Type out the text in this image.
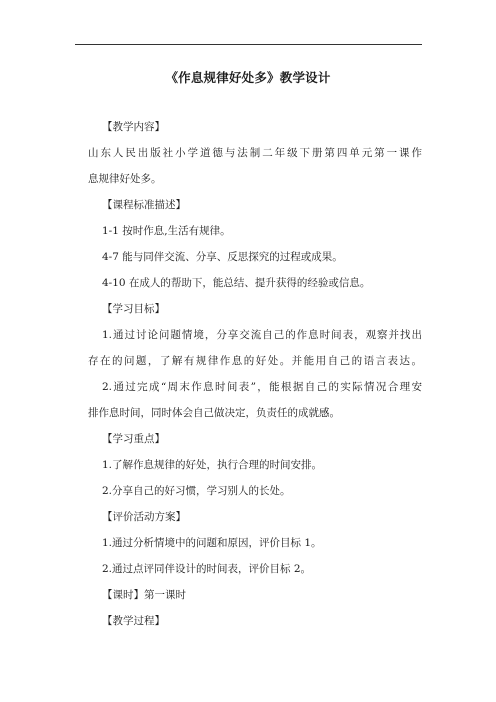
《作息规律好处多》教学设计
【教学内容】
山东人民出版社小学道德与法制二年级下册第四单元第一课作
息规律好处多。
【课程标准描述】
1-1 按时作息,生活有规律。
4-7 能与同伴交流、分享、反思探究的过程或成果。
4-10 在成人的帮助下，能总结、提升获得的经验或信息。
【学习目标】
1.通过讨论问题情境，分享交流自己的作息时间表，观察并找出
存在的问题，了解有规律作息的好处。并能用自己的语言表达。
2.通过完成“周末作息时间表”，能根据自己的实际情况合理安
排作息时间，同时体会自己做决定，负责任的成就感。
【学习重点】
1.了解作息规律的好处，执行合理的时间安排。
2.分享自己的好习惯，学习别人的长处。
【评价活动方案】
1.通过分析情境中的问题和原因，评价目标 1。
2.通过点评同伴设计的时间表，评价目标 2。
【课时】第一课时
【教学过程】
